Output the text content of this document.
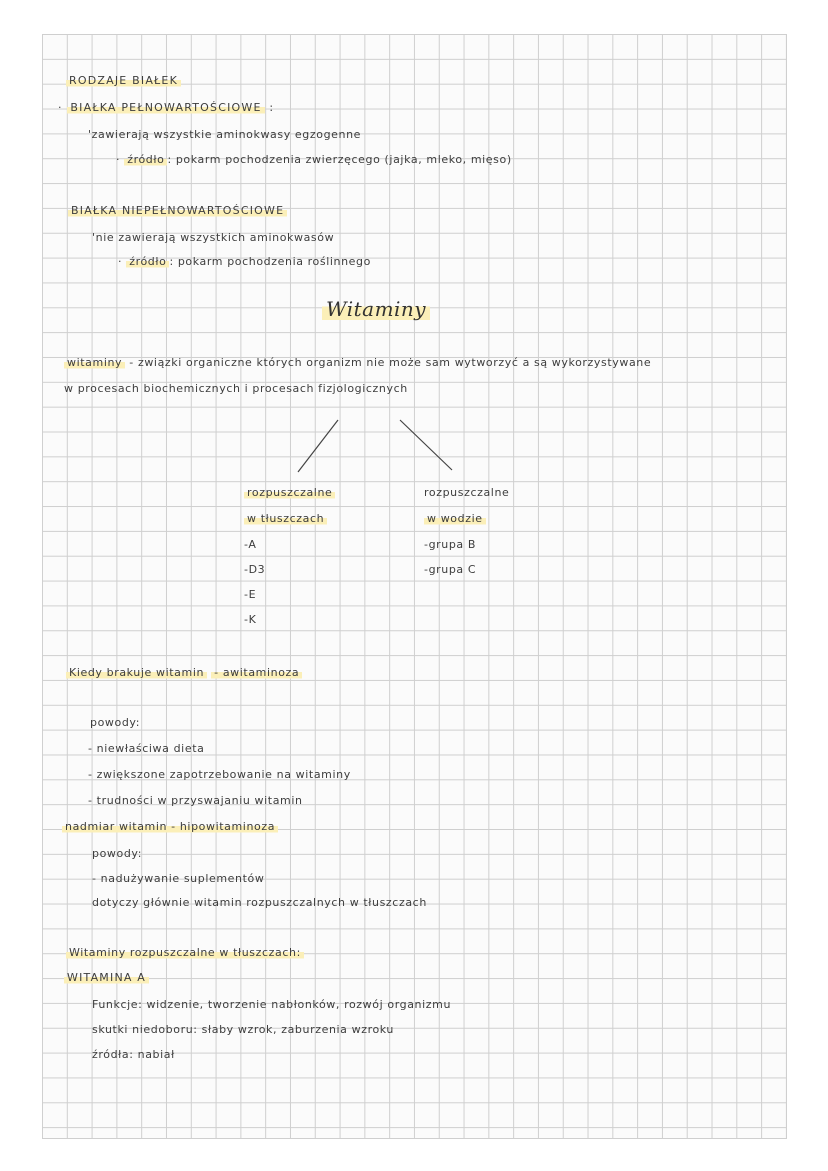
RODZAJE BIAŁEK
· BIAŁKA PEŁNOWARTOŚCIOWE :
'zawierają wszystkie aminokwasy egzogenne
· źródło : pokarm pochodzenia zwierzęcego (jajka, mleko, mięso)
BIAŁKA NIEPEŁNOWARTOŚCIOWE
'nie zawierają wszystkich aminokwasów
· źródło : pokarm pochodzenia roślinnego
Witaminy
witaminy - związki organiczne których organizm nie może sam wytworzyć a są wykorzystywane
w procesach biochemicznych i procesach fizjologicznych
rozpuszczalne
w tłuszczach
-A
-D3
-E
-K
rozpuszczalne
w wodzie
-grupa B
-grupa C
Kiedy brakuje witamin - awitaminoza
powody:
- niewłaściwa dieta
- zwiększone zapotrzebowanie na witaminy
- trudności w przyswajaniu witamin
nadmiar witamin - hipowitaminoza
powody:
- nadużywanie suplementów
dotyczy głównie witamin rozpuszczalnych w tłuszczach
Witaminy rozpuszczalne w tłuszczach:
WITAMINA A
Funkcje: widzenie, tworzenie nabłonków, rozwój organizmu
skutki niedoboru: słaby wzrok, zaburzenia wzroku
źródła: nabiał
